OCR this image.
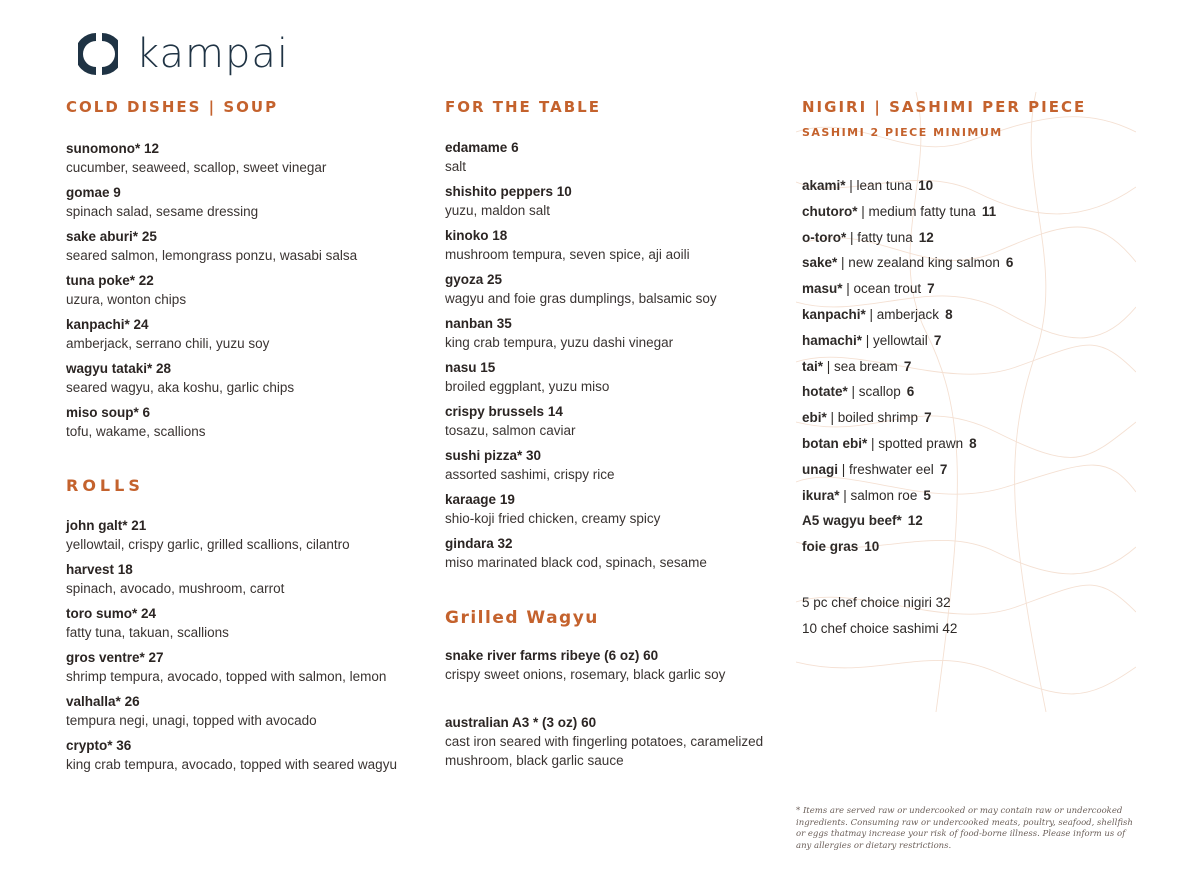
kampai
COLD DISHES | SOUP
sunomono* 12
cucumber, seaweed, scallop, sweet vinegar
gomae 9
spinach salad, sesame dressing
sake aburi* 25
seared salmon, lemongrass ponzu, wasabi salsa
tuna poke* 22
uzura, wonton chips
kanpachi* 24
amberjack, serrano chili, yuzu soy
wagyu tataki* 28
seared wagyu, aka koshu, garlic chips
miso soup* 6
tofu, wakame, scallions
ROLLS
john galt* 21
yellowtail, crispy garlic, grilled scallions, cilantro
harvest 18
spinach, avocado, mushroom, carrot
toro sumo* 24
fatty tuna, takuan, scallions
gros ventre* 27
shrimp tempura, avocado, topped with salmon, lemon
valhalla* 26
tempura negi, unagi, topped with avocado
crypto* 36
king crab tempura, avocado, topped with seared wagyu
FOR THE TABLE
edamame 6
salt
shishito peppers 10
yuzu, maldon salt
kinoko 18
mushroom tempura, seven spice, aji aoili
gyoza 25
wagyu and foie gras dumplings, balsamic soy
nanban 35
king crab tempura, yuzu dashi vinegar
nasu 15
broiled eggplant, yuzu miso
crispy brussels 14
tosazu, salmon caviar
sushi pizza* 30
assorted sashimi, crispy rice
karaage 19
shio-koji fried chicken, creamy spicy
gindara 32
miso marinated black cod, spinach, sesame
Grilled Wagyu
snake river farms ribeye (6 oz) 60
crispy sweet onions, rosemary, black garlic soy
australian A3 * (3 oz) 60
cast iron seared with fingerling potatoes, caramelized mushroom, black garlic sauce
NIGIRI | SASHIMI PER PIECE
SASHIMI 2 PIECE MINIMUM
akami* | lean tuna 10
chutoro* | medium fatty tuna 11
o-toro* | fatty tuna 12
sake* | new zealand king salmon 6
masu* | ocean trout 7
kanpachi* | amberjack 8
hamachi* | yellowtail 7
tai* | sea bream 7
hotate* | scallop 6
ebi* | boiled shrimp 7
botan ebi* | spotted prawn 8
unagi | freshwater eel 7
ikura* | salmon roe 5
A5 wagyu beef* 12
foie gras 10
5 pc chef choice nigiri 32
10 chef choice sashimi 42
* Items are served raw or undercooked or may contain raw or undercooked ingredients. Consuming raw or undercooked meats, poultry, seafood, shellfish or eggs thatmay increase your risk of food-borne illness. Please inform us of any allergies or dietary restrictions.
